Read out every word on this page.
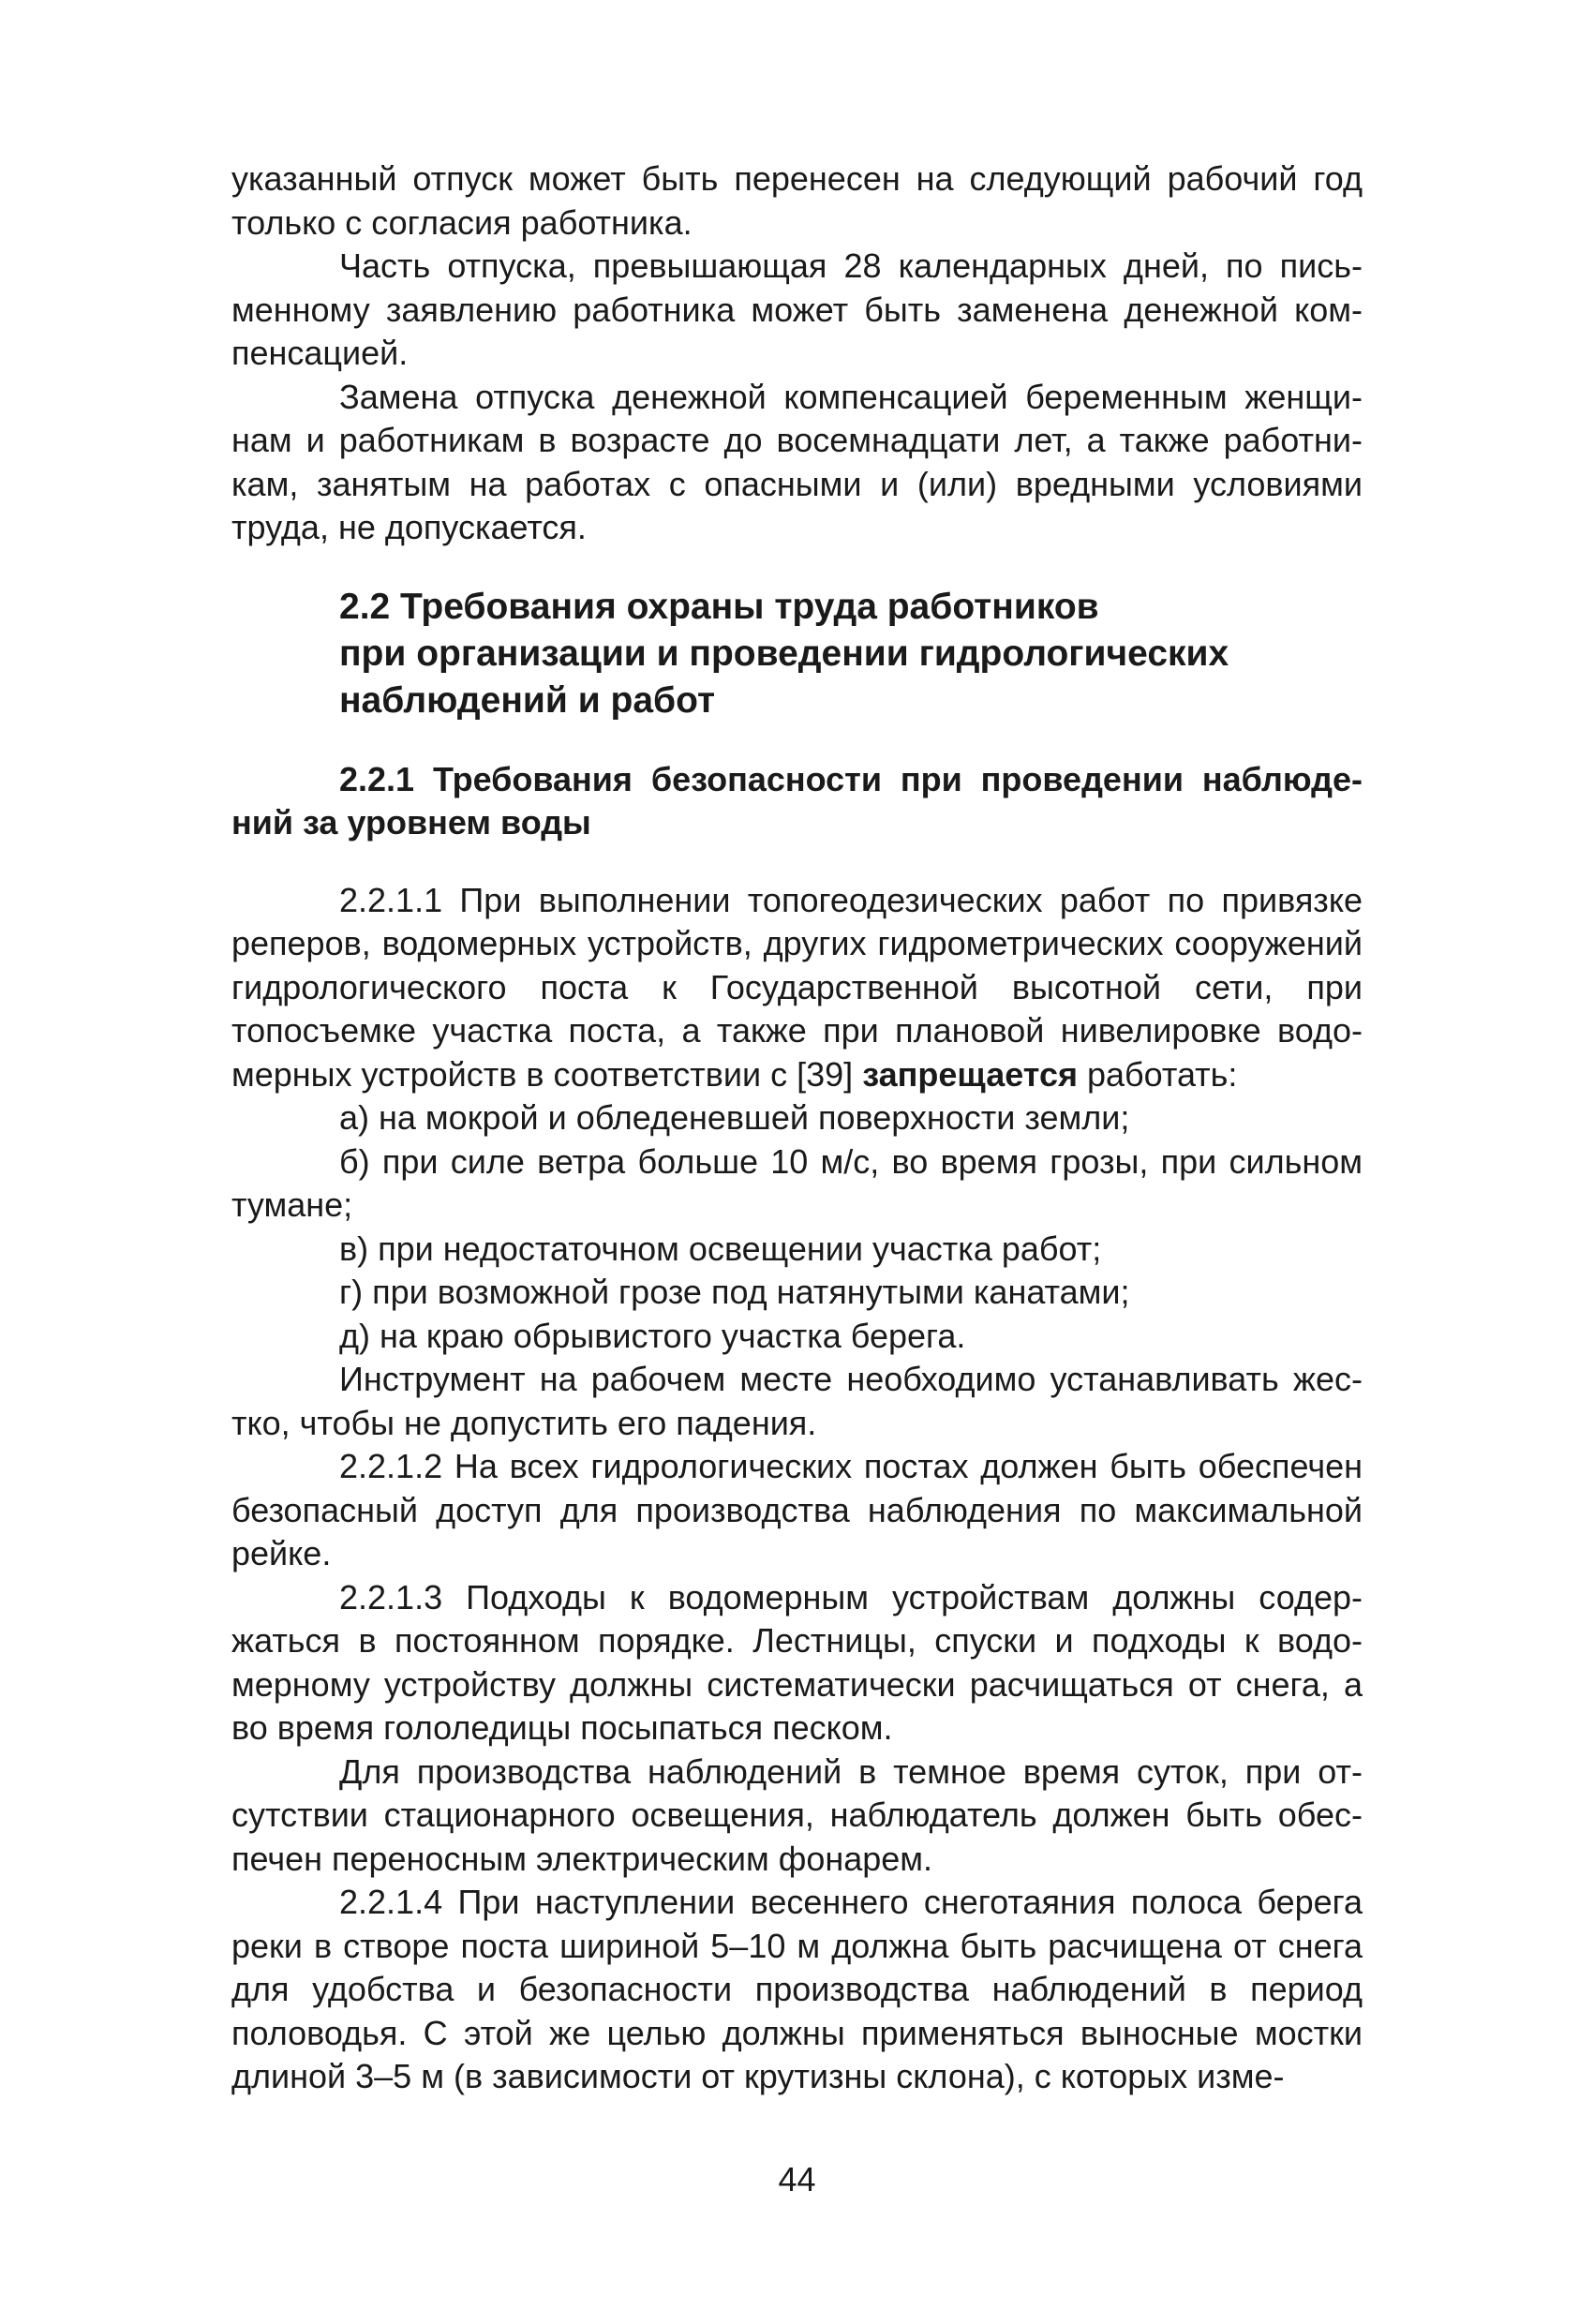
указанный отпуск может быть перенесен на следующий рабочий год только с согласия работника.

Часть отпуска, превышающая 28 календарных дней, по письменному заявлению работника может быть заменена денежной компенсацией.

Замена отпуска денежной компенсацией беременным женщинам и работникам в возрасте до восемнадцати лет, а также работникам, занятым на работах с опасными и (или) вредными условиями труда, не допускается.

2.2 Требования охраны труда работников
при организации и проведении гидрологических
наблюдений и работ

2.2.1 Требования безопасности при проведении наблюдений за уровнем воды

2.2.1.1 При выполнении топогеодезических работ по привязке реперов, водомерных устройств, других гидрометрических сооружений гидрологического поста к Государственной высотной сети, при топосъемке участка поста, а также при плановой нивелировке водомерных устройств в соответствии с [39] запрещается работать:

а) на мокрой и обледеневшей поверхности земли;

б) при силе ветра больше 10 м/с, во время грозы, при сильном тумане;

в) при недостаточном освещении участка работ;

г) при возможной грозе под натянутыми канатами;

д) на краю обрывистого участка берега.

Инструмент на рабочем месте необходимо устанавливать жестко, чтобы не допустить его падения.

2.2.1.2 На всех гидрологических постах должен быть обеспечен безопасный доступ для производства наблюдения по максимальной рейке.

2.2.1.3 Подходы к водомерным устройствам должны содержаться в постоянном порядке. Лестницы, спуски и подходы к водомерному устройству должны систематически расчищаться от снега, а во время гололедицы посыпаться песком.

Для производства наблюдений в темное время суток, при отсутствии стационарного освещения, наблюдатель должен быть обеспечен переносным электрическим фонарем.

2.2.1.4 При наступлении весеннего снеготаяния полоса берега реки в створе поста шириной 5–10 м должна быть расчищена от снега для удобства и безопасности производства наблюдений в период половодья. С этой же целью должны применяться выносные мостки длиной 3–5 м (в зависимости от крутизны склона), с которых изме-

44
